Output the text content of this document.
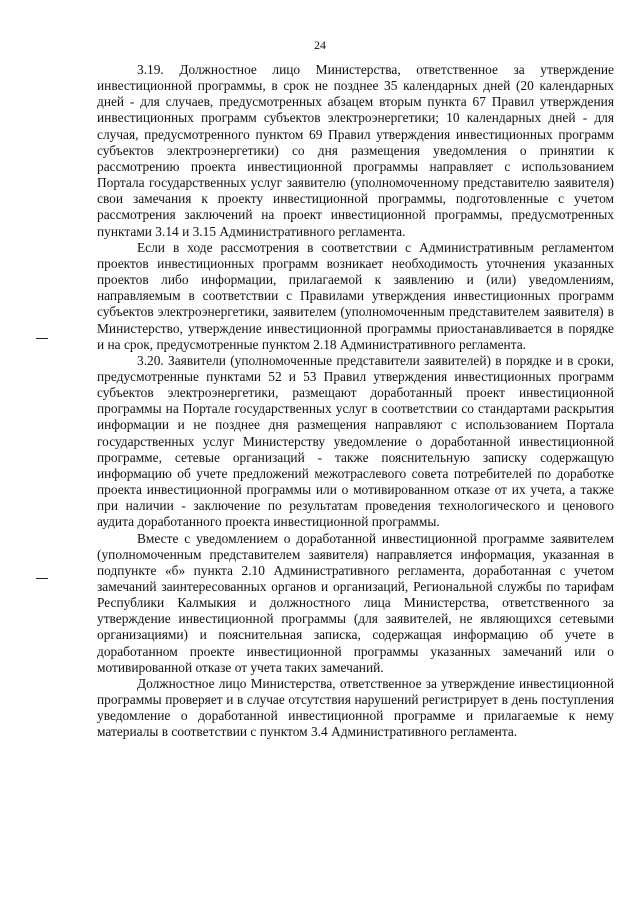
24

3.19. Должностное лицо Министерства, ответственное за утверждение инвестиционной программы, в срок не позднее 35 календарных дней (20 календарных дней - для случаев, предусмотренных абзацем вторым пункта 67 Правил утверждения инвестиционных программ субъектов электроэнергетики; 10 календарных дней - для случая, предусмотренного пунктом 69 Правил утверждения инвестиционных программ субъектов электроэнергетики) со дня размещения уведомления о принятии к рассмотрению проекта инвестиционной программы направляет с использованием Портала государственных услуг заявителю (уполномоченному представителю заявителя) свои замечания к проекту инвестиционной программы, подготовленные с учетом рассмотрения заключений на проект инвестиционной программы, предусмотренных пунктами 3.14 и 3.15 Административного регламента.

Если в ходе рассмотрения в соответствии с Административным регламентом проектов инвестиционных программ возникает необходимость уточнения указанных проектов либо информации, прилагаемой к заявлению и (или) уведомлениям, направляемым в соответствии с Правилами утверждения инвестиционных программ субъектов электроэнергетики, заявителем (уполномоченным представителем заявителя) в Министерство, утверждение инвестиционной программы приостанавливается в порядке и на срок, предусмотренные пунктом 2.18 Административного регламента.

3.20. Заявители (уполномоченные представители заявителей) в порядке и в сроки, предусмотренные пунктами 52 и 53 Правил утверждения инвестиционных программ субъектов электроэнергетики, размещают доработанный проект инвестиционной программы на Портале государственных услуг в соответствии со стандартами раскрытия информации и не позднее дня размещения направляют с использованием Портала государственных услуг Министерству уведомление о доработанной инвестиционной программе, сетевые организаций - также пояснительную записку содержащую информацию об учете предложений межотраслевого совета потребителей по доработке проекта инвестиционной программы или о мотивированном отказе от их учета, а также при наличии - заключение по результатам проведения технологического и ценового аудита доработанного проекта инвестиционной программы.

Вместе с уведомлением о доработанной инвестиционной программе заявителем (уполномоченным представителем заявителя) направляется информация, указанная в подпункте «б» пункта 2.10 Административного регламента, доработанная с учетом замечаний заинтересованных органов и организаций, Региональной службы по тарифам Республики Калмыкия и должностного лица Министерства, ответственного за утверждение инвестиционной программы (для заявителей, не являющихся сетевыми организациями) и пояснительная записка, содержащая информацию об учете в доработанном проекте инвестиционной программы указанных замечаний или о мотивированной отказе от учета таких замечаний.

Должностное лицо Министерства, ответственное за утверждение инвестиционной программы проверяет и в случае отсутствия нарушений регистрирует в день поступления уведомление о доработанной инвестиционной программе и прилагаемые к нему материалы в соответствии с пунктом 3.4 Административного регламента.
